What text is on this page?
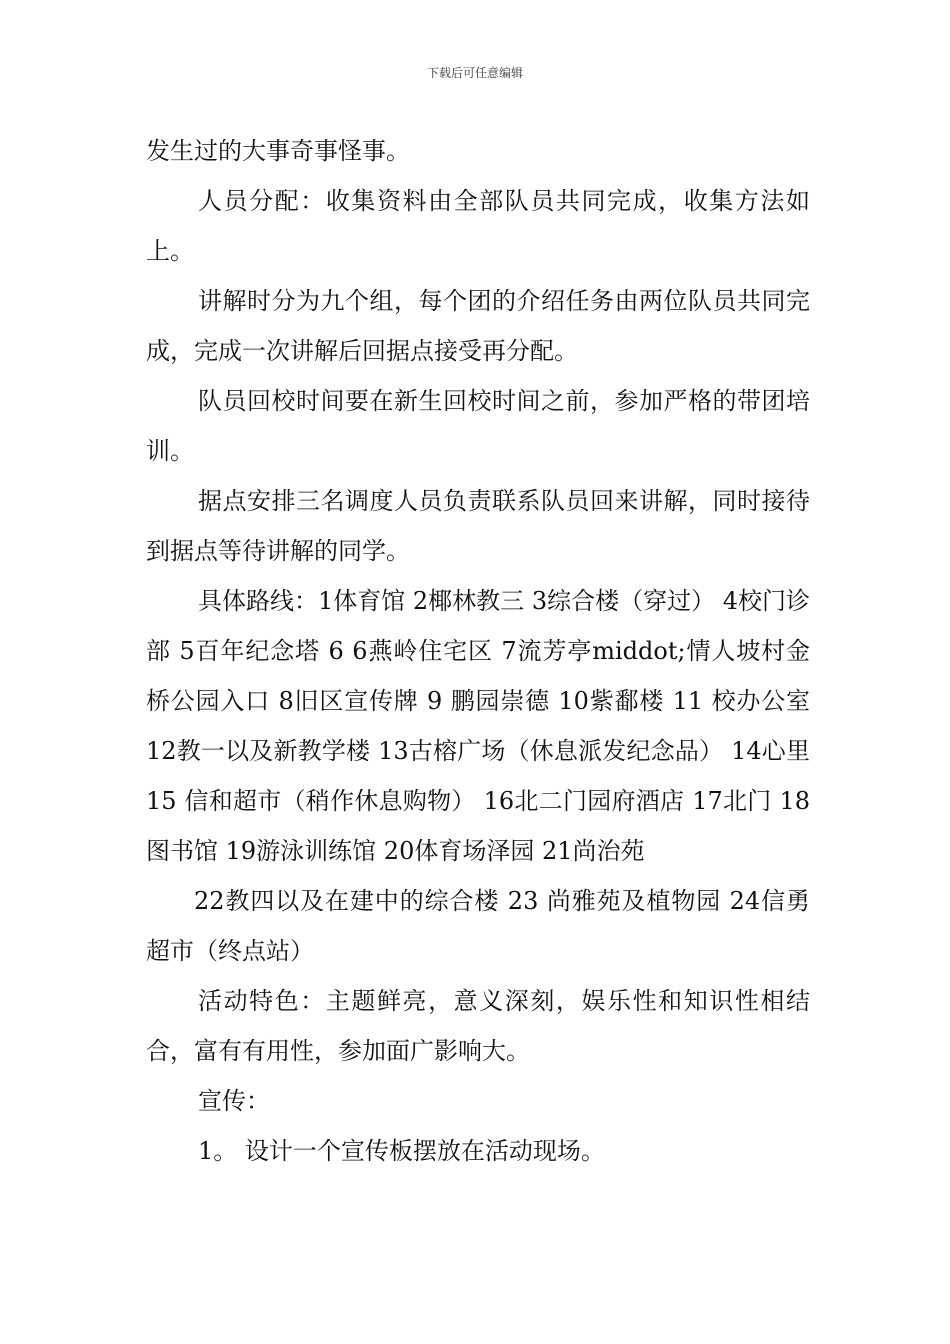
下载后可任意编辑

发生过的大事奇事怪事。

人员分配：收集资料由全部队员共同完成，收集方法如上。

讲解时分为九个组，每个团的介绍任务由两位队员共同完成，完成一次讲解后回据点接受再分配。

队员回校时间要在新生回校时间之前，参加严格的带团培训。

据点安排三名调度人员负责联系队员回来讲解，同时接待到据点等待讲解的同学。

具体路线：1体育馆 2椰林教三 3综合楼（穿过） 4校门诊部 5百年纪念塔 6 6燕岭住宅区 7流芳亭middot;情人坡村金桥公园入口 8旧区宣传牌 9 鹏园崇德 10紫鄱楼 11 校办公室 12教一以及新教学楼 13古榕广场（休息派发纪念品） 14心里 15 信和超市（稍作休息购物） 16北二门园府酒店 17北门 18 图书馆 19游泳训练馆 20体育场泽园 21尚治苑

22教四以及在建中的综合楼 23 尚雅苑及植物园 24信勇超市（终点站）

活动特色：主题鲜亮，意义深刻，娱乐性和知识性相结合，富有有用性，参加面广影响大。

宣传：

1。 设计一个宣传板摆放在活动现场。
